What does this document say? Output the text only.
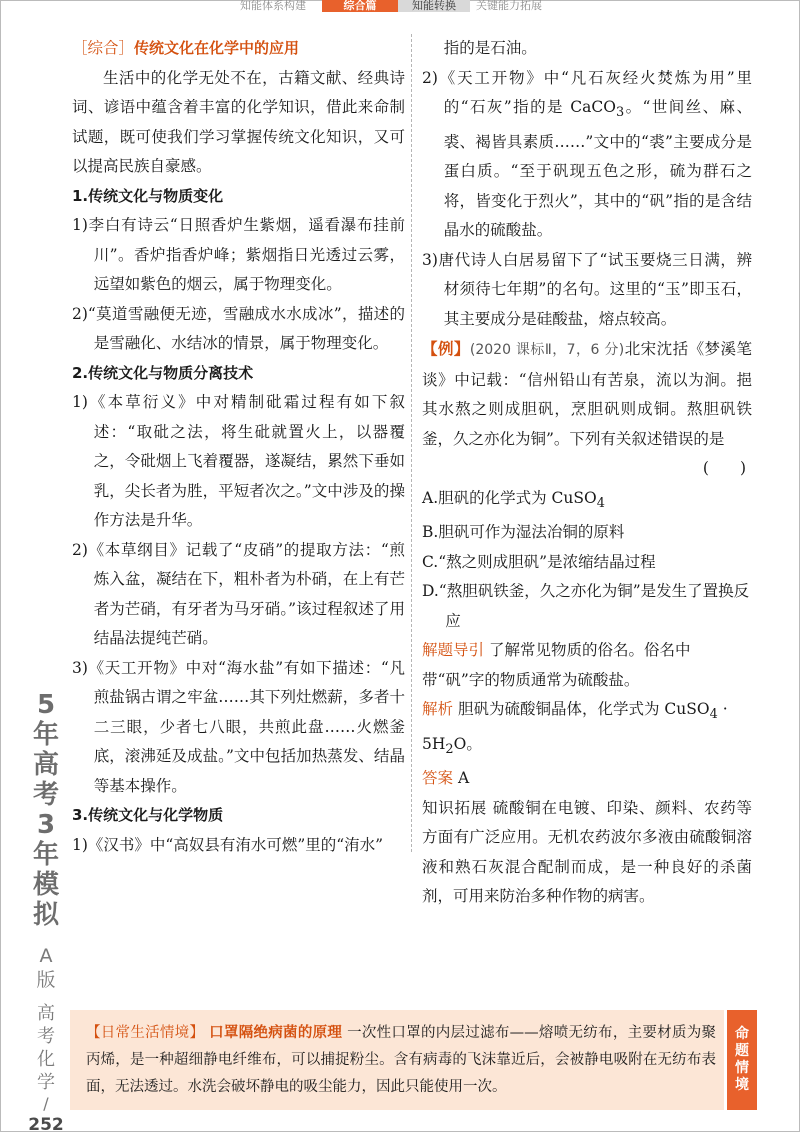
知能体系构建	综合篇	知能转换	关键能力拓展

［综合］传统文化在化学中的应用

生活中的化学无处不在，古籍文献、经典诗词、谚语中蕴含着丰富的化学知识，借此来命制试题，既可使我们学习掌握传统文化知识，又可以提高民族自豪感。

1.传统文化与物质变化

1)李白有诗云“日照香炉生紫烟，遥看瀑布挂前川”。香炉指香炉峰；紫烟指日光透过云雾，远望如紫色的烟云，属于物理变化。

2)“莫道雪融便无迹，雪融成水水成冰”，描述的是雪融化、水结冰的情景，属于物理变化。

2.传统文化与物质分离技术

1)《本草衍义》中对精制砒霜过程有如下叙述：“取砒之法，将生砒就置火上，以器覆之，令砒烟上飞着覆器，遂凝结，累然下垂如乳，尖长者为胜，平短者次之。”文中涉及的操作方法是升华。

2)《本草纲目》记载了“皮硝”的提取方法：“煎炼入盆，凝结在下，粗朴者为朴硝，在上有芒者为芒硝，有牙者为马牙硝。”该过程叙述了用结晶法提纯芒硝。

3)《天工开物》中对“海水盐”有如下描述：“凡煎盐锅古谓之牢盆……其下列灶燃薪，多者十二三眼，少者七八眼，共煎此盘……火燃釜底，滚沸延及成盐。”文中包括加热蒸发、结晶等基本操作。

3.传统文化与化学物质

1)《汉书》中“高奴县有洧水可燃”里的“洧水”

指的是石油。

2)《天工开物》中“凡石灰经火焚炼为用”里的“石灰”指的是 CaCO$_3$。“世间丝、麻、裘、褐皆具素质……”文中的“裘”主要成分是蛋白质。“至于矾现五色之形，硫为群石之将，皆变化于烈火”，其中的“矾”指的是含结晶水的硫酸盐。

3)唐代诗人白居易留下了“试玉要烧三日满，辨材须待七年期”的名句。这里的“玉”即玉石，其主要成分是硅酸盐，熔点较高。

【例】(2020 课标Ⅱ，7，6 分)北宋沈括《梦溪笔谈》中记载：“信州铅山有苦泉，流以为涧。挹其水熬之则成胆矾，烹胆矾则成铜。熬胆矾铁釜，久之亦化为铜”。下列有关叙述错误的是

(　　)

A.胆矾的化学式为 CuSO$_4$

B.胆矾可作为湿法冶铜的原料

C.“熬之则成胆矾”是浓缩结晶过程

D.“熬胆矾铁釜，久之亦化为铜”是发生了置换反应

解题导引 了解常见物质的俗名。俗名中带“矾”字的物质通常为硫酸盐。

解析 胆矾为硫酸铜晶体，化学式为 CuSO$_4$ · $5H_2O$。

答案 A

知识拓展 硫酸铜在电镀、印染、颜料、农药等方面有广泛应用。无机农药波尔多液由硫酸铜溶液和熟石灰混合配制而成，是一种良好的杀菌剂，可用来防治多种作物的病害。

5
年
高
考
3
年
模
拟
A
版
高
考
化
学
/
252

【日常生活情境】 口罩隔绝病菌的原理 一次性口罩的内层过滤布——熔喷无纺布，主要材质为聚丙烯，是一种超细静电纤维布，可以捕捉粉尘。含有病毒的飞沫靠近后，会被静电吸附在无纺布表面，无法透过。水洗会破坏静电的吸尘能力，因此只能使用一次。

命
题
情
境
